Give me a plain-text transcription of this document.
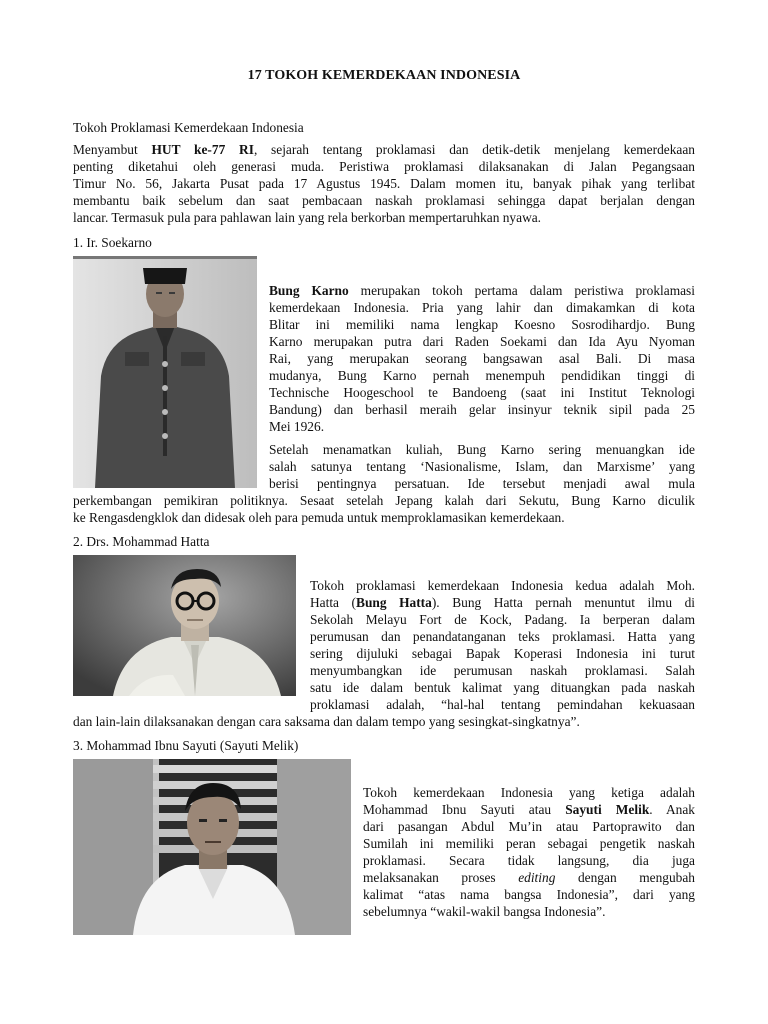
17 TOKOH KEMERDEKAAN INDONESIA
Tokoh Proklamasi Kemerdekaan Indonesia
Menyambut HUT ke-77 RI, sejarah tentang proklamasi dan detik-detik menjelang kemerdekaan
penting diketahui oleh generasi muda. Peristiwa proklamasi dilaksanakan di Jalan Pegangsaan
Timur No. 56, Jakarta Pusat pada 17 Agustus 1945. Dalam momen itu, banyak pihak yang terlibat
membantu baik sebelum dan saat pembacaan naskah proklamasi sehingga dapat berjalan dengan
lancar. Termasuk pula para pahlawan lain yang rela berkorban mempertaruhkan nyawa.
1. Ir. Soekarno
Bung Karno merupakan tokoh pertama dalam peristiwa proklamasi
kemerdekaan Indonesia. Pria yang lahir dan dimakamkan di kota
Blitar ini memiliki nama lengkap Koesno Sosrodihardjo. Bung
Karno merupakan putra dari Raden Soekami dan Ida Ayu Nyoman
Rai, yang merupakan seorang bangsawan asal Bali. Di masa
mudanya, Bung Karno pernah menempuh pendidikan tinggi di
Technische Hoogeschool te Bandoeng (saat ini Institut Teknologi
Bandung) dan berhasil meraih gelar insinyur teknik sipil pada 25
Mei 1926.
Setelah menamatkan kuliah, Bung Karno sering menuangkan ide
salah satunya tentang ‘Nasionalisme, Islam, dan Marxisme’ yang
berisi pentingnya persatuan. Ide tersebut menjadi awal mula
perkembangan pemikiran politiknya. Sesaat setelah Jepang kalah dari Sekutu, Bung Karno diculik
ke Rengasdengklok dan didesak oleh para pemuda untuk memproklamasikan kemerdekaan.
2. Drs. Mohammad Hatta
Tokoh proklamasi kemerdekaan Indonesia kedua adalah Moh.
Hatta (Bung Hatta). Bung Hatta pernah menuntut ilmu di
Sekolah Melayu Fort de Kock, Padang. Ia berperan dalam
perumusan dan penandatanganan teks proklamasi. Hatta yang
sering dijuluki sebagai Bapak Koperasi Indonesia ini turut
menyumbangkan ide perumusan naskah proklamasi. Salah
satu ide dalam bentuk kalimat yang dituangkan pada naskah
proklamasi adalah, “hal-hal tentang pemindahan kekuasaan
dan lain-lain dilaksanakan dengan cara saksama dan dalam tempo yang sesingkat-singkatnya”.
3. Mohammad Ibnu Sayuti (Sayuti Melik)
Tokoh kemerdekaan Indonesia yang ketiga adalah
Mohammad Ibnu Sayuti atau Sayuti Melik. Anak
dari pasangan Abdul Mu’in atau Partoprawito dan
Sumilah ini memiliki peran sebagai pengetik naskah
proklamasi. Secara tidak langsung, dia juga
melaksanakan proses editing dengan mengubah
kalimat “atas nama bangsa Indonesia”, dari yang
sebelumnya “wakil-wakil bangsa Indonesia”.
